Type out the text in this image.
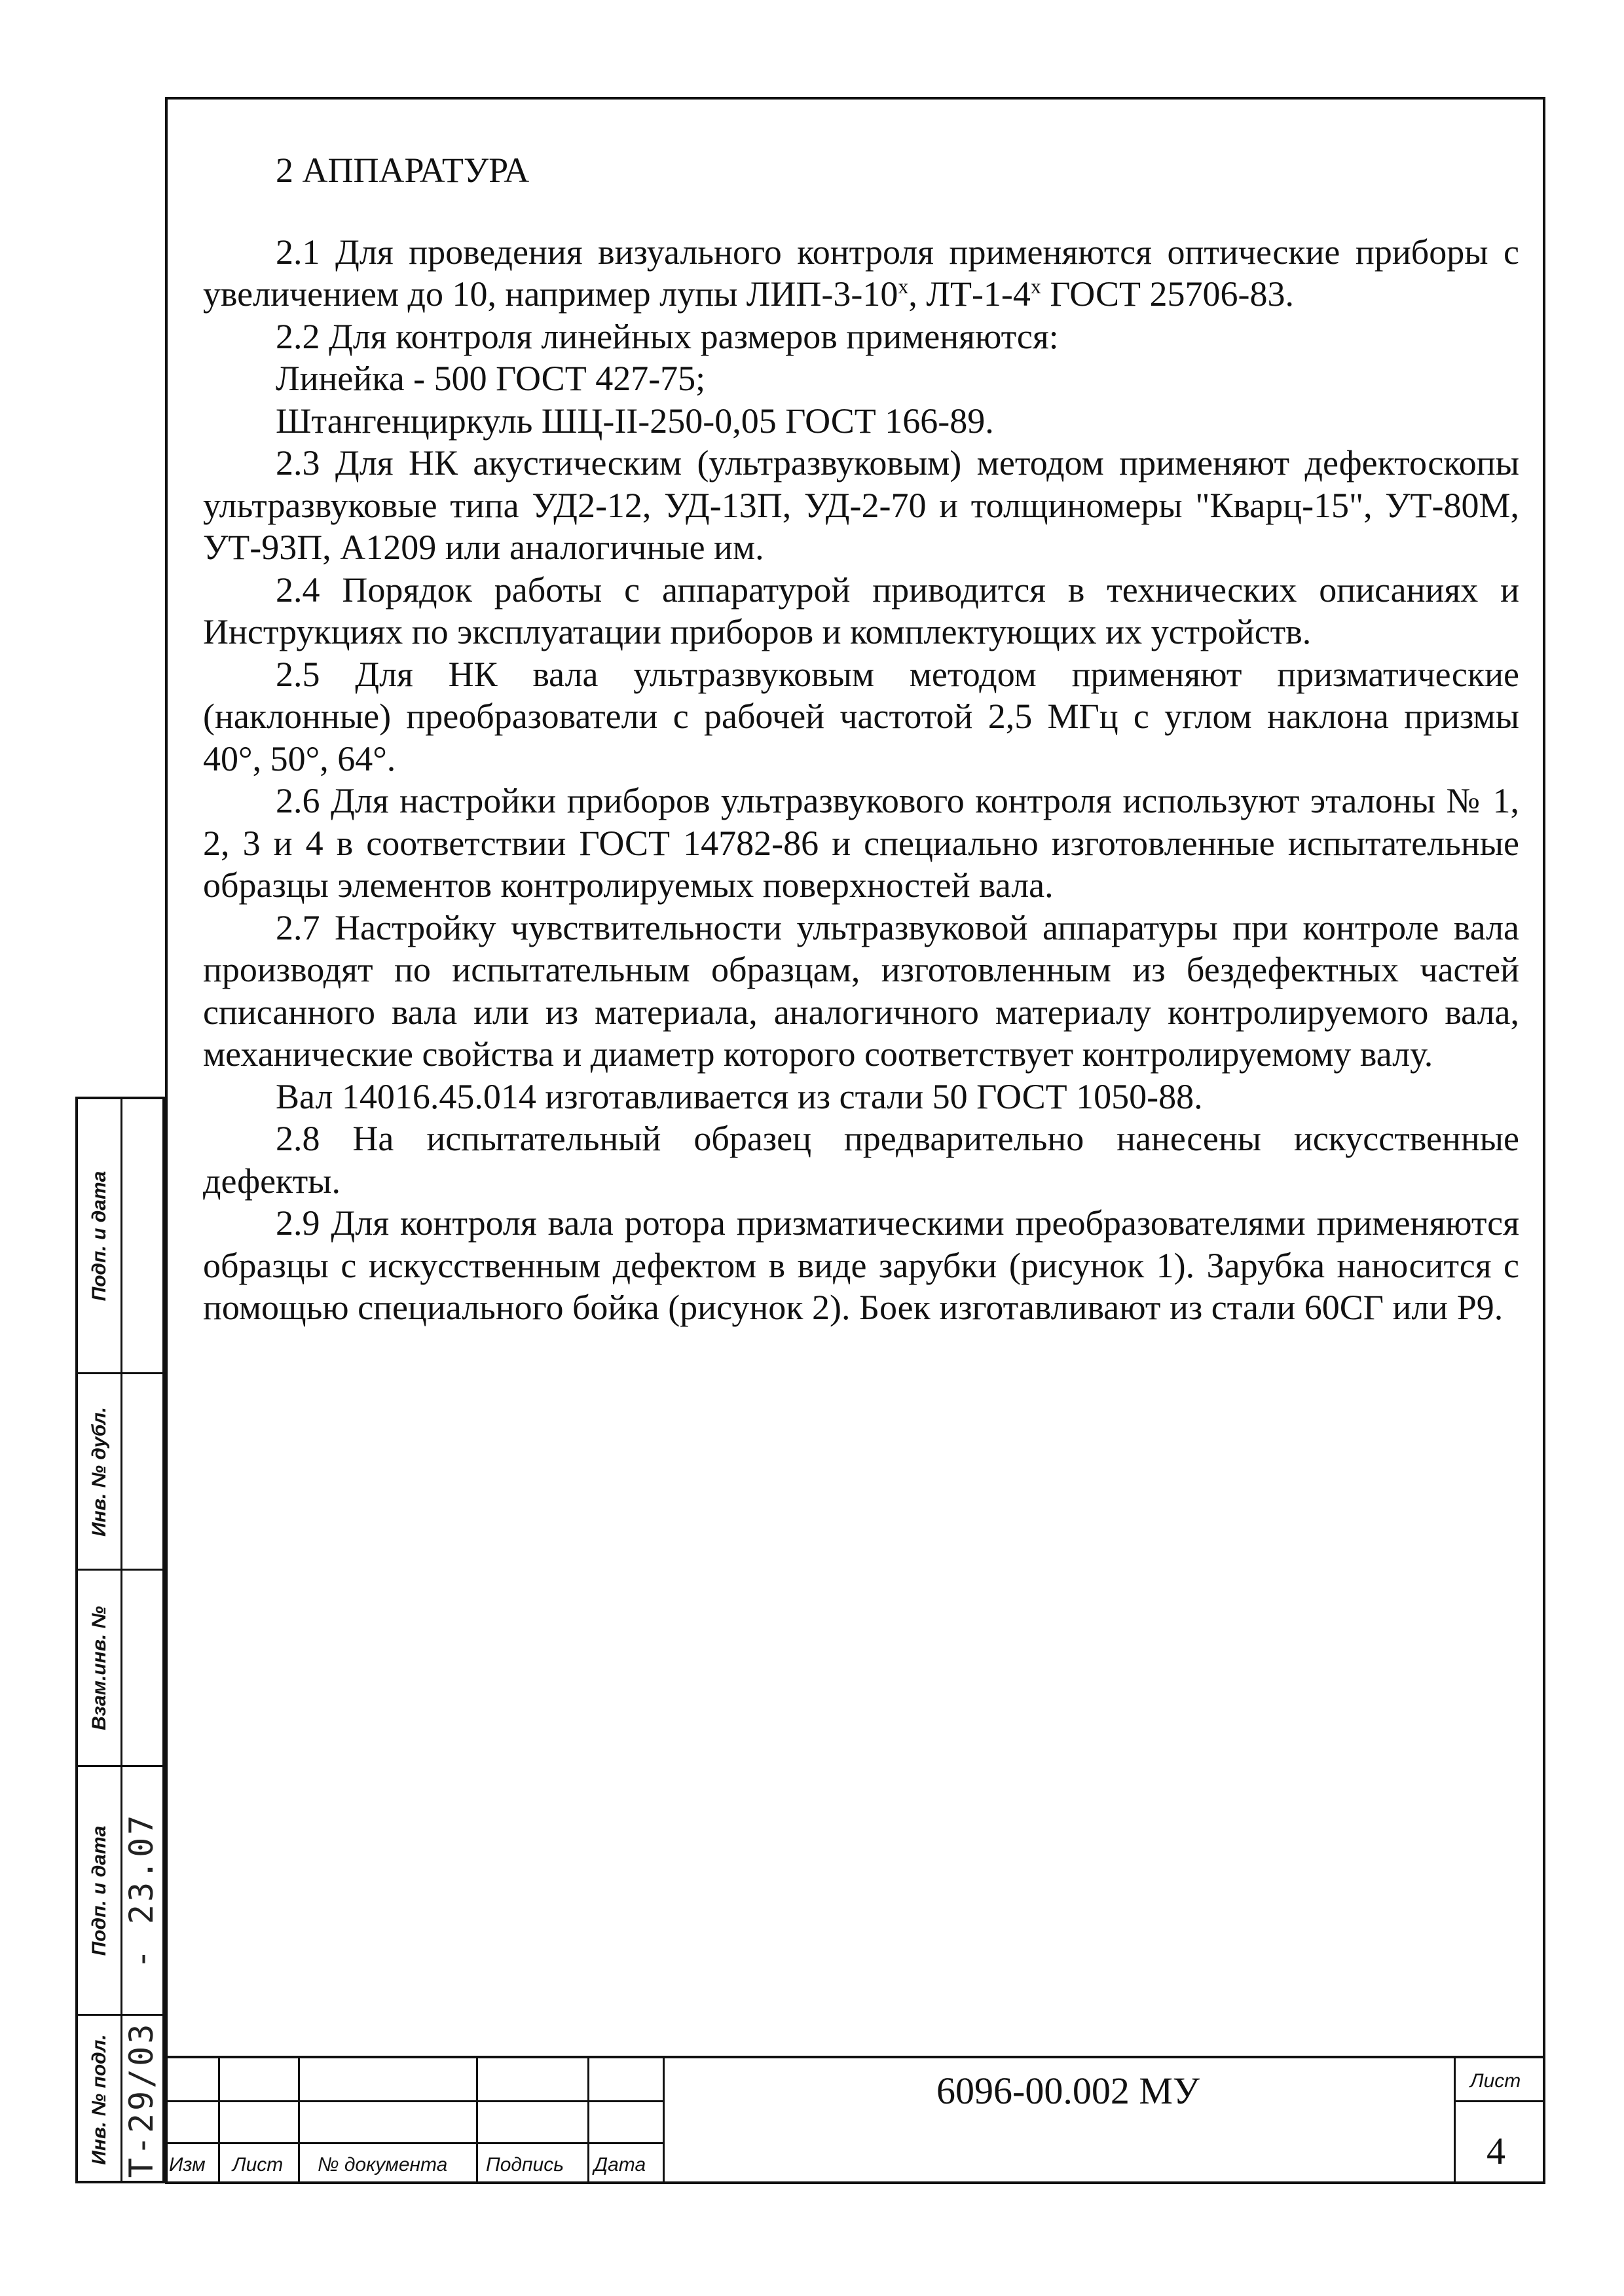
2 АППАРАТУРА

2.1 Для проведения визуального контроля применяются оптические приборы с увеличением до 10, например лупы ЛИП-3-10$^x$, ЛТ-1-4$^x$ ГОСТ 25706-83.

2.2 Для контроля линейных размеров применяются:

Линейка - 500 ГОСТ 427-75;

Штангенциркуль ШЦ-II-250-0,05 ГОСТ 166-89.

2.3 Для НК акустическим (ультразвуковым) методом применяют дефектоскопы ультразвуковые типа УД2-12, УД-13П, УД-2-70 и толщиномеры "Кварц-15", УТ-80М, УТ-93П, А1209 или аналогичные им.

2.4 Порядок работы с аппаратурой приводится в технических описаниях и Инструкциях по эксплуатации приборов и комплектующих их устройств.

2.5 Для НК вала ультразвуковым методом применяют призматические (наклонные) преобразователи с рабочей частотой 2,5 МГц с углом наклона призмы 40°, 50°, 64°.

2.6 Для настройки приборов ультразвукового контроля используют эталоны № 1, 2, 3 и 4 в соответствии ГОСТ 14782-86 и специально изготовленные испытательные образцы элементов контролируемых поверхностей вала.

2.7 Настройку чувствительности ультразвуковой аппаратуры при контроле вала производят по испытательным образцам, изготовленным из бездефектных частей списанного вала или из материала, аналогичного материалу контролируемого вала, механические свойства и диаметр которого соответствует контролируемому валу.

Вал 14016.45.014 изготавливается из стали 50 ГОСТ 1050-88.

2.8 На испытательный образец предварительно нанесены искусственные дефекты.

2.9 Для контроля вала ротора призматическими преобразователями применяются образцы с искусственным дефектом в виде зарубки (рисунок 1). Зарубка наносится с помощью специального бойка (рисунок 2). Боек изготавливают из стали 60СГ или Р9.

Подп. и дата
Инв. № дубл.
Взам.инв. №
Подп. и дата
Инв. № подл.
- 23.07
Т-29/03 Изм Лист № документа Подпись Дата
6096-00.002 МУ	Лист
4
